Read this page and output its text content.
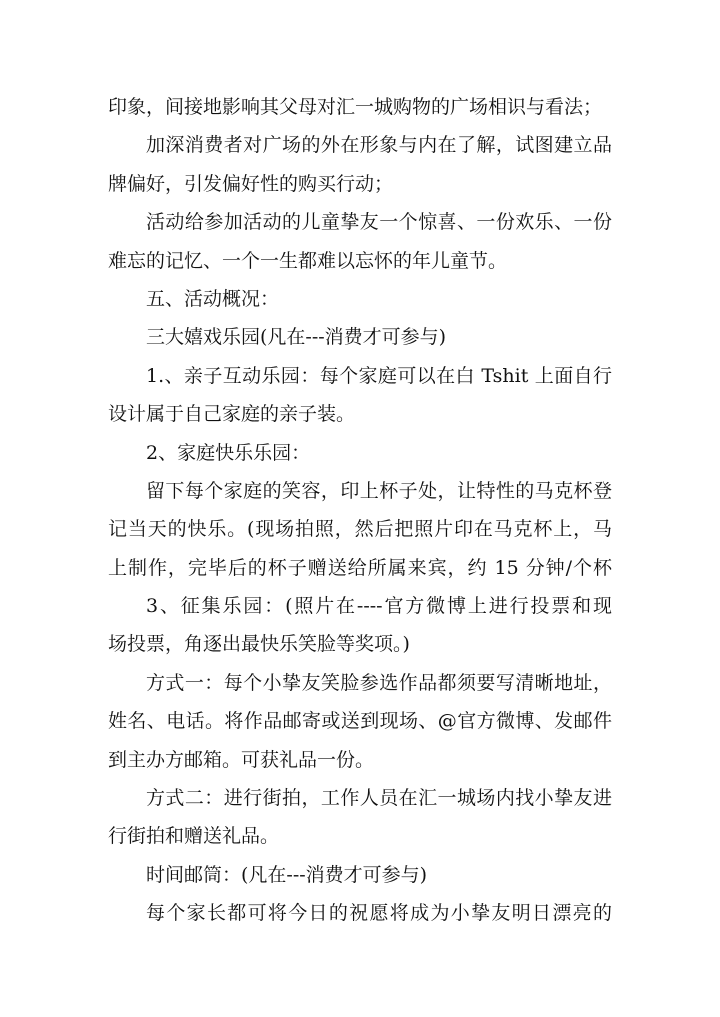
印象，间接地影响其父母对汇一城购物的广场相识与看法；
加深消费者对广场的外在形象与内在了解，试图建立品
牌偏好，引发偏好性的购买行动；
活动给参加活动的儿童挚友一个惊喜、一份欢乐、一份
难忘的记忆、一个一生都难以忘怀的年儿童节。
五、活动概况：
三大嬉戏乐园(凡在---消费才可参与)
1.、亲子互动乐园：每个家庭可以在白 Tshit 上面自行
设计属于自己家庭的亲子装。
2、家庭快乐乐园：
留下每个家庭的笑容，印上杯子处，让特性的马克杯登
记当天的快乐。(现场拍照，然后把照片印在马克杯上，马
上制作，完毕后的杯子赠送给所属来宾，约 15 分钟/个杯
3、征集乐园：(照片在----官方微博上进行投票和现
场投票，角逐出最快乐笑脸等奖项。)
方式一：每个小挚友笑脸参选作品都须要写清晰地址，
姓名、电话。将作品邮寄或送到现场、@官方微博、发邮件
到主办方邮箱。可获礼品一份。
方式二：进行街拍，工作人员在汇一城场内找小挚友进
行街拍和赠送礼品。
时间邮筒：(凡在---消费才可参与)
每个家长都可将今日的祝愿将成为小挚友明日漂亮的
